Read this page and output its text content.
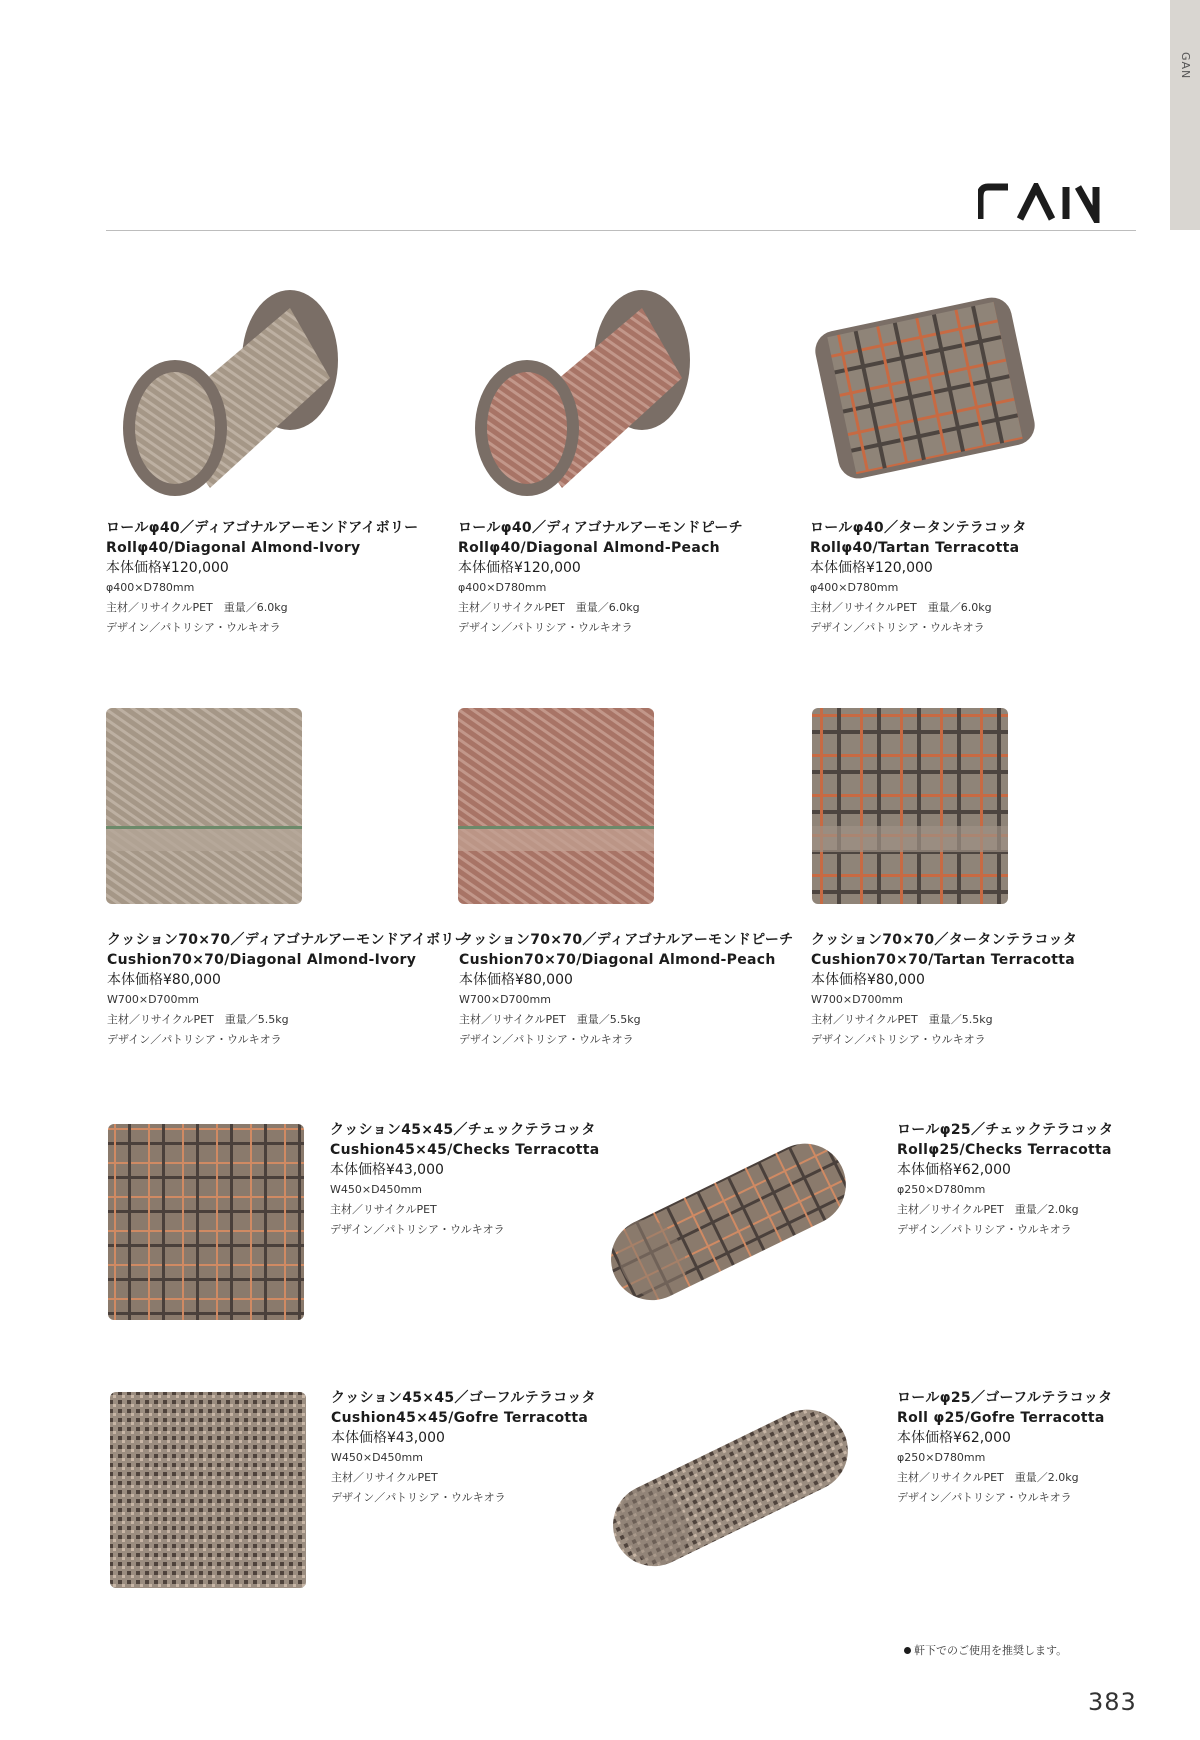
GAN
ロールφ40／ディアゴナルアーモンドアイボリー
Rollφ40/Diagonal Almond-Ivory
本体価格¥120,000
φ400×D780mm
主材／リサイクルPET　重量／6.0kg
デザイン／パトリシア・ウルキオラ
ロールφ40／ディアゴナルアーモンドピーチ
Rollφ40/Diagonal Almond-Peach
本体価格¥120,000
φ400×D780mm
主材／リサイクルPET　重量／6.0kg
デザイン／パトリシア・ウルキオラ
ロールφ40／タータンテラコッタ
Rollφ40/Tartan Terracotta
本体価格¥120,000
φ400×D780mm
主材／リサイクルPET　重量／6.0kg
デザイン／パトリシア・ウルキオラ
クッション70×70／ディアゴナルアーモンドアイボリー
Cushion70×70/Diagonal Almond-Ivory
本体価格¥80,000
W700×D700mm
主材／リサイクルPET　重量／5.5kg
デザイン／パトリシア・ウルキオラ
クッション70×70／ディアゴナルアーモンドピーチ
Cushion70×70/Diagonal Almond-Peach
本体価格¥80,000
W700×D700mm
主材／リサイクルPET　重量／5.5kg
デザイン／パトリシア・ウルキオラ
クッション70×70／タータンテラコッタ
Cushion70×70/Tartan Terracotta
本体価格¥80,000
W700×D700mm
主材／リサイクルPET　重量／5.5kg
デザイン／パトリシア・ウルキオラ
クッション45×45／チェックテラコッタ
Cushion45×45/Checks Terracotta
本体価格¥43,000
W450×D450mm
主材／リサイクルPET
デザイン／パトリシア・ウルキオラ
ロールφ25／チェックテラコッタ
Rollφ25/Checks Terracotta
本体価格¥62,000
φ250×D780mm
主材／リサイクルPET　重量／2.0kg
デザイン／パトリシア・ウルキオラ
クッション45×45／ゴーフルテラコッタ
Cushion45×45/Gofre Terracotta
本体価格¥43,000
W450×D450mm
主材／リサイクルPET
デザイン／パトリシア・ウルキオラ
ロールφ25／ゴーフルテラコッタ
Roll φ25/Gofre Terracotta
本体価格¥62,000
φ250×D780mm
主材／リサイクルPET　重量／2.0kg
デザイン／パトリシア・ウルキオラ
軒下でのご使用を推奨します。
383
